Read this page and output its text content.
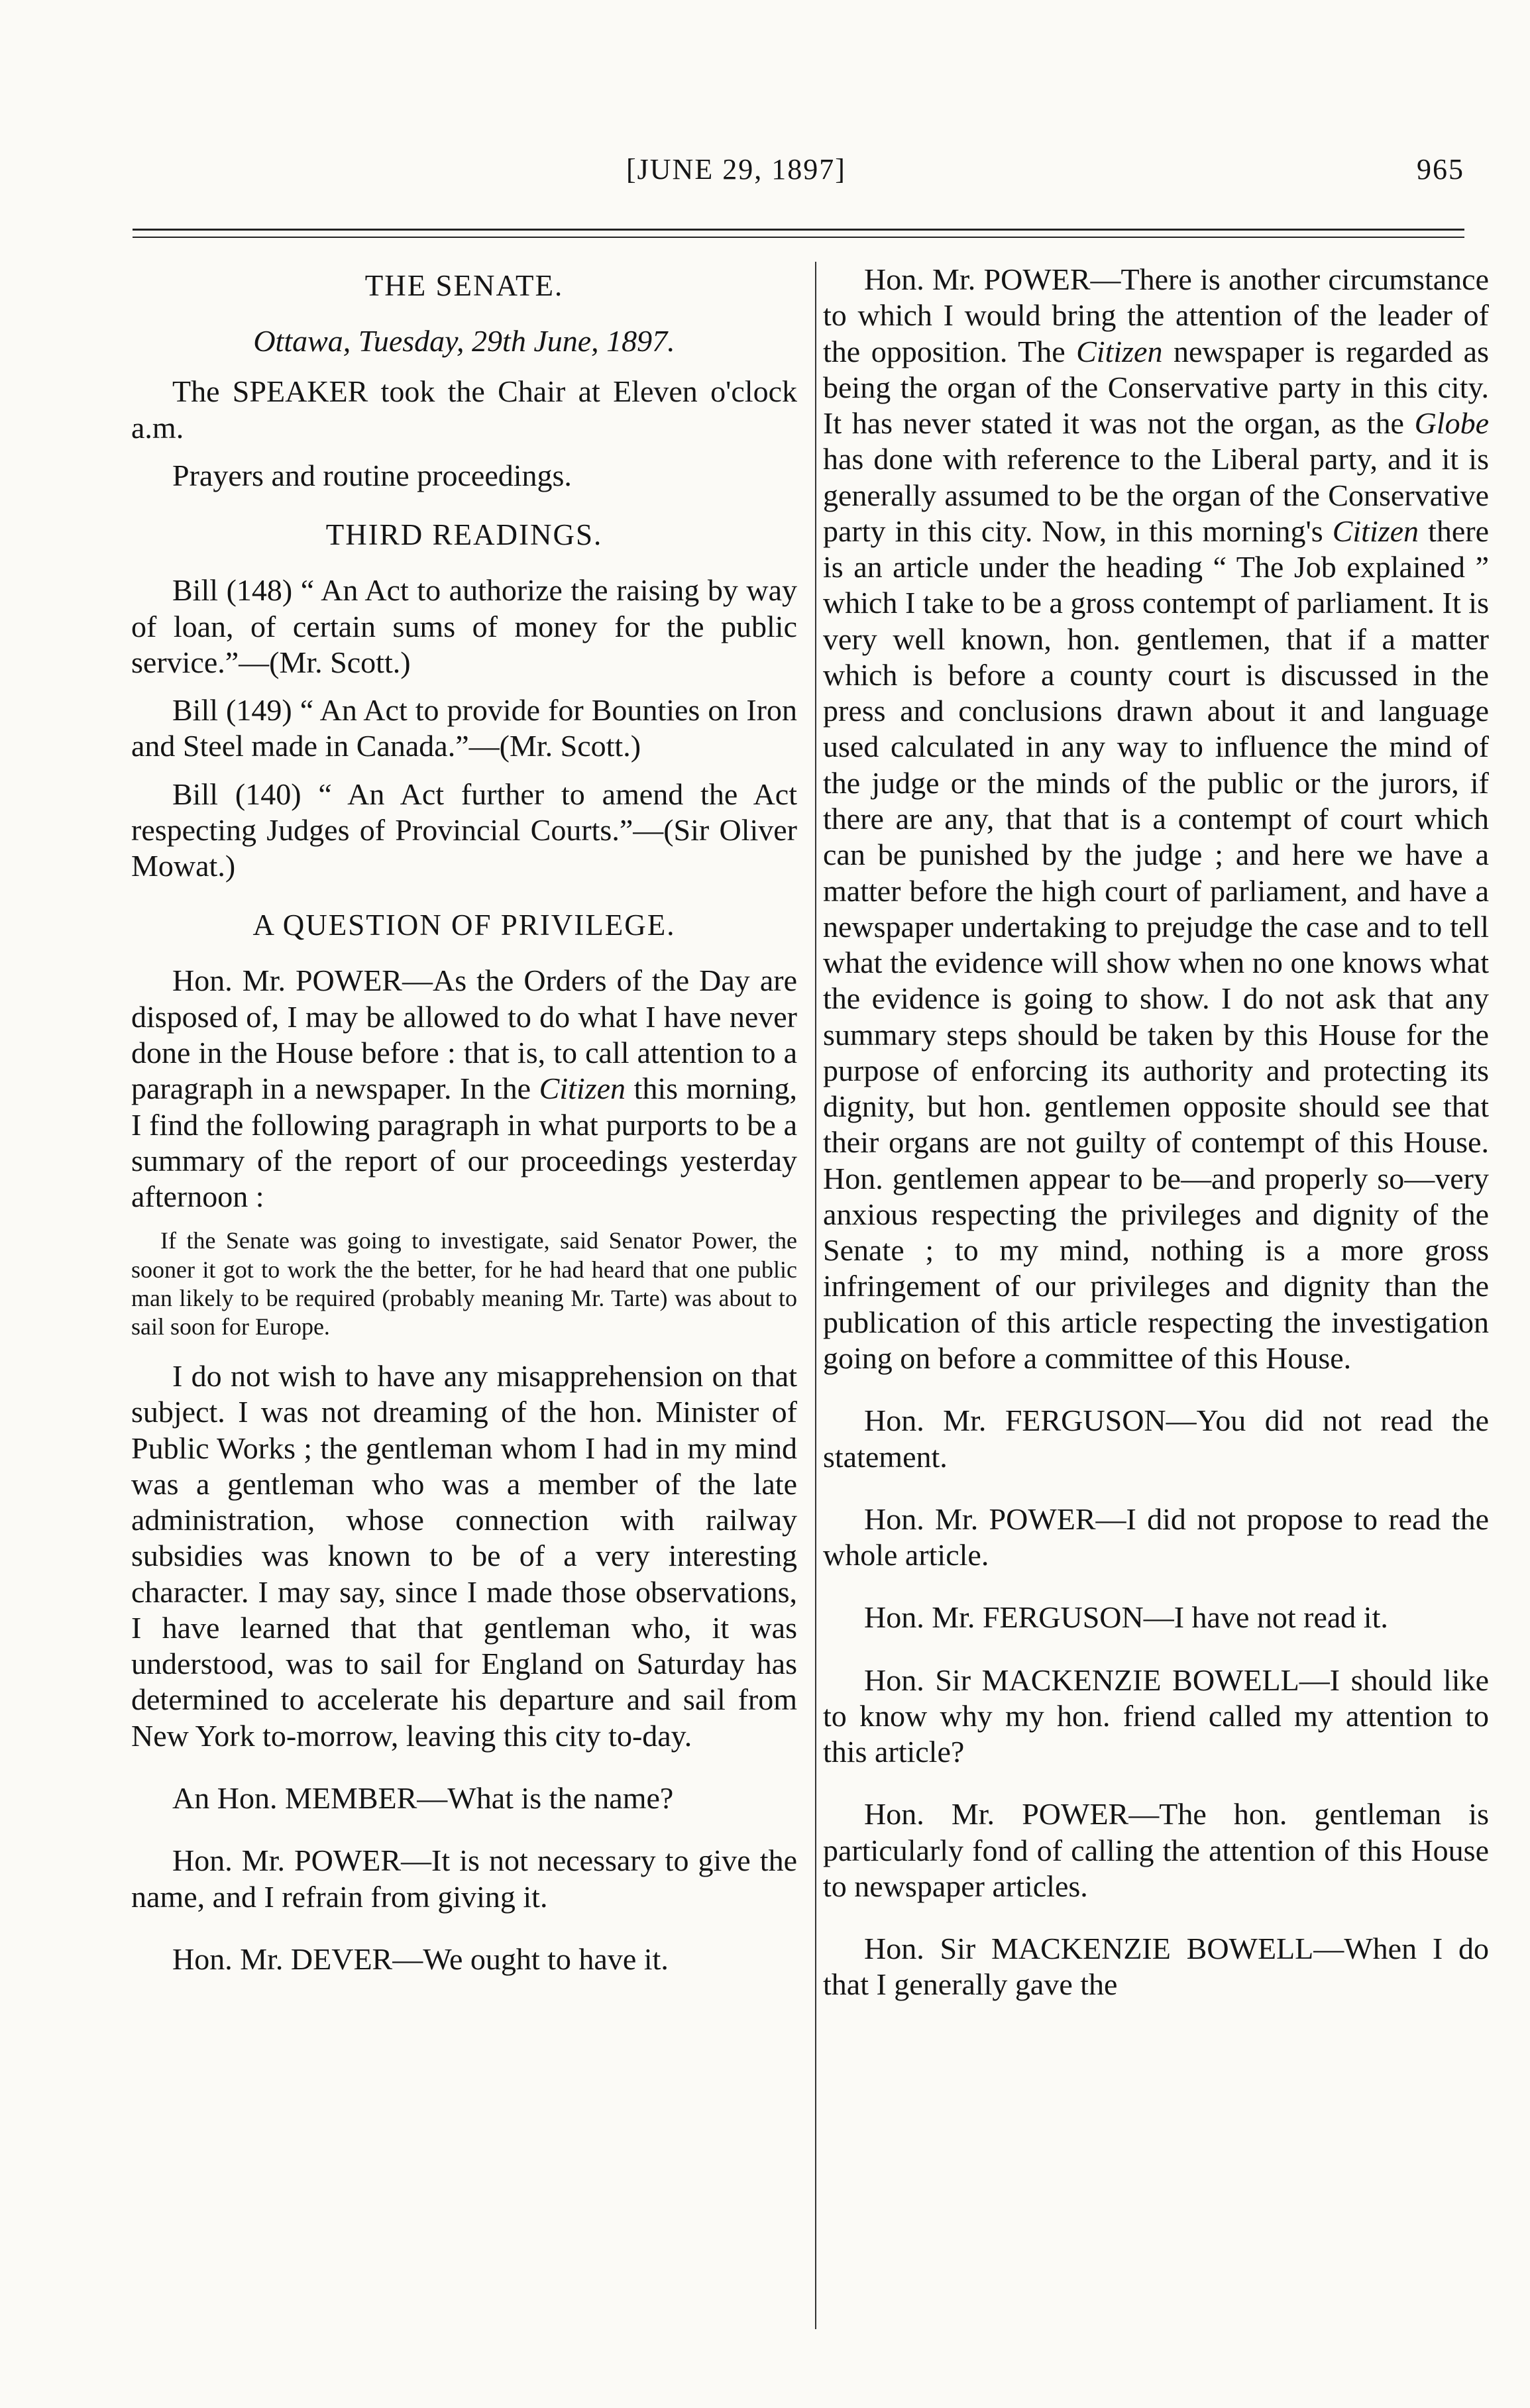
[JUNE 29, 1897]	965
THE SENATE.
Ottawa, Tuesday, 29th June, 1897.

The SPEAKER took the Chair at Eleven o'clock a.m.

Prayers and routine proceedings.

THIRD READINGS.

Bill (148) “ An Act to authorize the raising by way of loan, of certain sums of money for the public service.”—(Mr. Scott.)

Bill (149) “ An Act to provide for Bounties on Iron and Steel made in Canada.”—(Mr. Scott.)

Bill (140) “ An Act further to amend the Act respecting Judges of Provincial Courts.”—(Sir Oliver Mowat.)

A QUESTION OF PRIVILEGE.

Hon. Mr. POWER—As the Orders of the Day are disposed of, I may be allowed to do what I have never done in the House before : that is, to call attention to a paragraph in a newspaper. In the Citizen this morning, I find the following paragraph in what purports to be a summary of the report of our proceedings yesterday afternoon :

If the Senate was going to investigate, said Senator Power, the sooner it got to work the the better, for he had heard that one public man likely to be required (probably meaning Mr. Tarte) was about to sail soon for Europe.

I do not wish to have any misapprehension on that subject. I was not dreaming of the hon. Minister of Public Works ; the gentleman whom I had in my mind was a gentleman who was a member of the late administration, whose connection with railway subsidies was known to be of a very interesting character. I may say, since I made those observations, I have learned that that gentleman who, it was understood, was to sail for England on Saturday has determined to accelerate his departure and sail from New York to-morrow, leaving this city to-day.

An Hon. MEMBER—What is the name?

Hon. Mr. POWER—It is not necessary to give the name, and I refrain from giving it.

Hon. Mr. DEVER—We ought to have it.

Hon. Mr. POWER—There is another circumstance to which I would bring the attention of the leader of the opposition. The Citizen newspaper is regarded as being the organ of the Conservative party in this city. It has never stated it was not the organ, as the Globe has done with reference to the Liberal party, and it is generally assumed to be the organ of the Conservative party in this city. Now, in this morning's Citizen there is an article under the heading “ The Job explained ” which I take to be a gross contempt of parliament. It is very well known, hon. gentlemen, that if a matter which is before a county court is discussed in the press and conclusions drawn about it and language used calculated in any way to influence the mind of the judge or the minds of the public or the jurors, if there are any, that that is a contempt of court which can be punished by the judge ; and here we have a matter before the high court of parliament, and have a newspaper undertaking to prejudge the case and to tell what the evidence will show when no one knows what the evidence is going to show. I do not ask that any summary steps should be taken by this House for the purpose of enforcing its authority and protecting its dignity, but hon. gentlemen opposite should see that their organs are not guilty of contempt of this House. Hon. gentlemen appear to be—and properly so—very anxious respecting the privileges and dignity of the Senate ; to my mind, nothing is a more gross infringement of our privileges and dignity than the publication of this article respecting the investigation going on before a committee of this House.

Hon. Mr. FERGUSON—You did not read the statement.

Hon. Mr. POWER—I did not propose to read the whole article.

Hon. Mr. FERGUSON—I have not read it.

Hon. Sir MACKENZIE BOWELL—I should like to know why my hon. friend called my attention to this article?

Hon. Mr. POWER—The hon. gentleman is particularly fond of calling the attention of this House to newspaper articles.

Hon. Sir MACKENZIE BOWELL—When I do that I generally gave the
